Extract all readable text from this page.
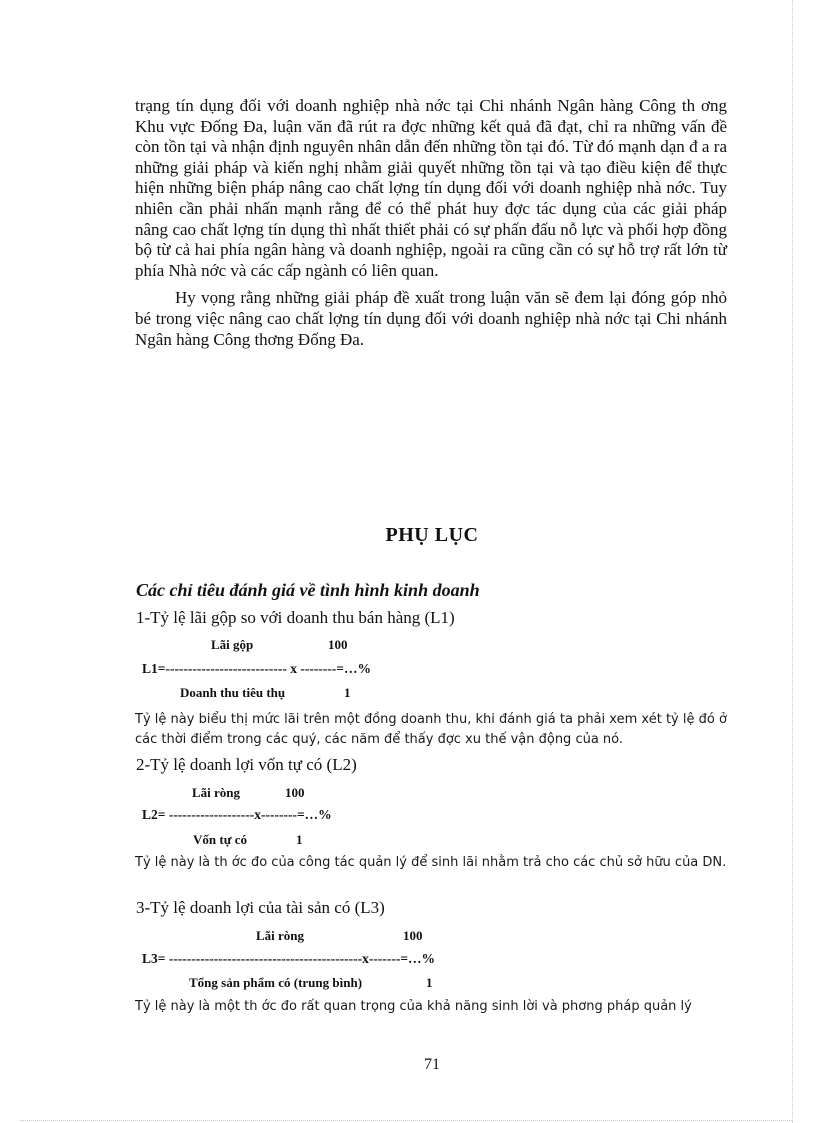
trạng tín dụng đối với doanh nghiệp nhà nớc tại Chi nhánh Ngân hàng Công th ơng Khu vực Đống Đa, luận văn đã rút ra đợc những kết quả đã đạt, chỉ ra những vấn đề còn tồn tại và nhận định nguyên nhân dẫn đến những tồn tại đó. Từ đó mạnh dạn đ a ra những giải pháp và kiến nghị nhằm giải quyết những tồn tại và tạo điều kiện để thực hiện những biện pháp nâng cao chất lợng tín dụng đối với doanh nghiệp nhà nớc. Tuy nhiên cần phải nhấn mạnh rằng để có thể phát huy đợc tác dụng của các giải pháp nâng cao chất lợng tín dụng thì nhất thiết phải có sự phấn đấu nỗ lực và phối hợp đồng bộ từ cả hai phía ngân hàng và doanh nghiệp, ngoài ra cũng cần có sự hỗ trợ rất lớn từ phía Nhà nớc và các cấp ngành có liên quan.

Hy vọng rằng những giải pháp đề xuất trong luận văn sẽ đem lại đóng góp nhỏ bé trong việc nâng cao chất lợng tín dụng đối với doanh nghiệp nhà nớc tại Chi nhánh Ngân hàng Công thơng Đống Đa.

PHỤ LỤC
Các chỉ tiêu đánh giá về tình hình kinh doanh
1-Tỷ lệ lãi gộp so với doanh thu bán hàng (L1)
Lãi gộp	100
L1=--------------------------- x --------=…%
Doanh thu tiêu thụ	1
Tỷ lệ này biểu thị mức lãi trên một đồng doanh thu, khi đánh giá ta phải xem xét tỷ lệ đó ở các thời điểm trong các quý, các năm để thấy đợc xu thế vận động của nó.
2-Tỷ lệ doanh lợi vốn tự có (L2)
Lãi ròng	100
L2= -------------------x--------=…%
Vốn tự có	1
Tỷ lệ này là th ớc đo của công tác quản lý để sinh lãi nhằm trả cho các chủ sở hữu của DN.
3-Tỷ lệ doanh lợi của tài sản có (L3)
Lãi ròng	100
L3= -------------------------------------------x-------=…%
Tổng sản phẩm có (trung bình)	1
Tỷ lệ này là một th ớc đo rất quan trọng của khả năng sinh lời và phơng pháp quản lý
71
